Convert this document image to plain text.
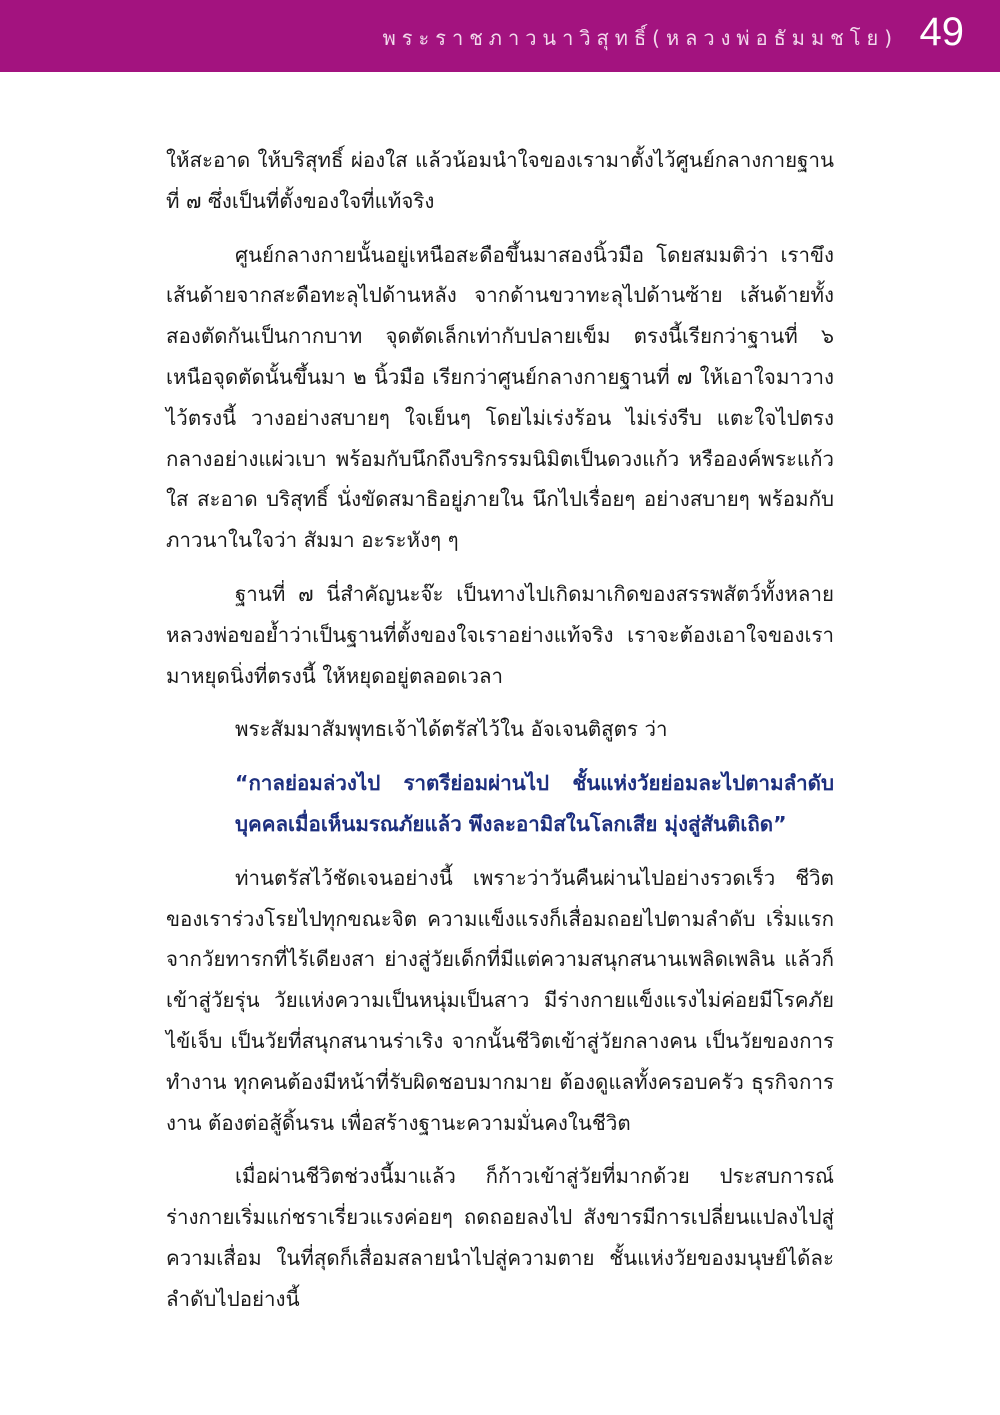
พระราชภาวนาวิสุทธิ์(หลวงพ่อธัมมชโย) 49

ให้สะอาด ให้บริสุทธิ์ ผ่องใส แล้วน้อมนำใจของเรามาตั้งไว้ศูนย์กลางกายฐานที่ ๗ ซึ่งเป็นที่ตั้งของใจที่แท้จริง

ศูนย์กลางกายนั้นอยู่เหนือสะดือขึ้นมาสองนิ้วมือ โดยสมมติว่า เราขึงเส้นด้ายจากสะดือทะลุไปด้านหลัง จากด้านขวาทะลุไปด้านซ้าย เส้นด้ายทั้งสองตัดกันเป็นกากบาท จุดตัดเล็กเท่ากับปลายเข็ม ตรงนี้เรียกว่าฐานที่ ๖ เหนือจุดตัดนั้นขึ้นมา ๒ นิ้วมือ เรียกว่าศูนย์กลางกายฐานที่ ๗ ให้เอาใจมาวางไว้ตรงนี้ วางอย่างสบายๆ ใจเย็นๆ โดยไม่เร่งร้อน ไม่เร่งรีบ แตะใจไปตรงกลางอย่างแผ่วเบา พร้อมกับนึกถึงบริกรรมนิมิตเป็นดวงแก้ว หรือองค์พระแก้วใส สะอาด บริสุทธิ์ นั่งขัดสมาธิอยู่ภายใน นึกไปเรื่อยๆ อย่างสบายๆ พร้อมกับภาวนาในใจว่า สัมมา อะระหังๆ ๆ

ฐานที่ ๗ นี่สำคัญนะจ๊ะ เป็นทางไปเกิดมาเกิดของสรรพสัตว์ทั้งหลาย หลวงพ่อขอย้ำว่าเป็นฐานที่ตั้งของใจเราอย่างแท้จริง เราจะต้องเอาใจของเรามาหยุดนิ่งที่ตรงนี้ ให้หยุดอยู่ตลอดเวลา

พระสัมมาสัมพุทธเจ้าได้ตรัสไว้ใน อัจเจนติสูตร ว่า

“กาลย่อมล่วงไป ราตรีย่อมผ่านไป ชั้นแห่งวัยย่อมละไปตามลำดับ บุคคลเมื่อเห็นมรณภัยแล้ว พึงละอามิสในโลกเสีย มุ่งสู่สันติเถิด”

ท่านตรัสไว้ชัดเจนอย่างนี้ เพราะว่าวันคืนผ่านไปอย่างรวดเร็ว ชีวิตของเราร่วงโรยไปทุกขณะจิต ความแข็งแรงก็เสื่อมถอยไปตามลำดับ เริ่มแรกจากวัยทารกที่ไร้เดียงสา ย่างสู่วัยเด็กที่มีแต่ความสนุกสนานเพลิดเพลิน แล้วก็เข้าสู่วัยรุ่น วัยแห่งความเป็นหนุ่มเป็นสาว มีร่างกายแข็งแรงไม่ค่อยมีโรคภัยไข้เจ็บ เป็นวัยที่สนุกสนานร่าเริง จากนั้นชีวิตเข้าสู่วัยกลางคน เป็นวัยของการทำงาน ทุกคนต้องมีหน้าที่รับผิดชอบมากมาย ต้องดูแลทั้งครอบครัว ธุรกิจการงาน ต้องต่อสู้ดิ้นรน เพื่อสร้างฐานะความมั่นคงในชีวิต

เมื่อผ่านชีวิตช่วงนี้มาแล้ว ก็ก้าวเข้าสู่วัยที่มากด้วย ประสบการณ์ ร่างกายเริ่มแก่ชราเรี่ยวแรงค่อยๆ ถดถอยลงไป สังขารมีการเปลี่ยนแปลงไปสู่ความเสื่อม ในที่สุดก็เสื่อมสลายนำไปสู่ความตาย ชั้นแห่งวัยของมนุษย์ได้ละลำดับไปอย่างนี้
